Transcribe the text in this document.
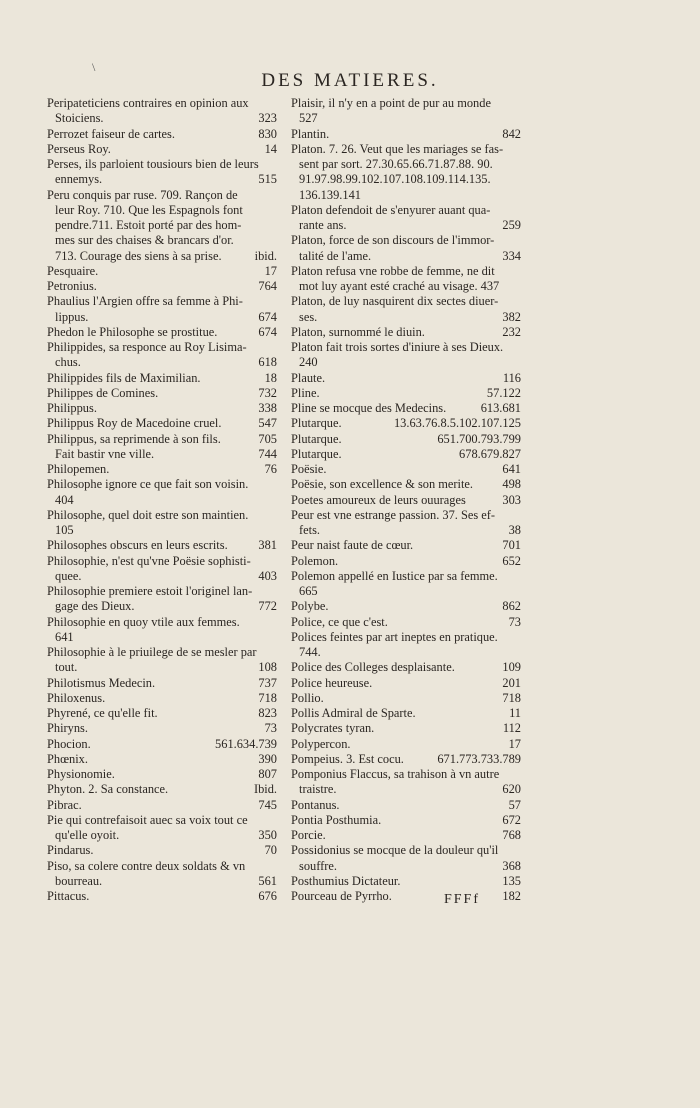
\
DES MATIERES.
Peripateticiens contraires en opinion aux
Stoiciens.	323
Perrozet faiseur de cartes.	830
Perseus Roy.	14
Perses, ils parloient tousiours bien de leurs
ennemys.	515
Peru conquis par ruse. 709. Rançon de
leur Roy. 710. Que les Espagnols font
pendre.711. Estoit porté par des hom-
mes sur des chaises & brancars d'or.
713. Courage des siens à sa prise.	ibid.
Pesquaire.	17
Petronius.	764
Phaulius l'Argien offre sa femme à Phi-
lippus.	674
Phedon le Philosophe se prostitue.	674
Philippides, sa responce au Roy Lisima-
chus.	618
Philippides fils de Maximilian.	18
Philippes de Comines.	732
Philippus.	338
Philippus Roy de Macedoine cruel.	547
Philippus, sa reprimende à son fils.	705
Fait bastir vne ville.	744
Philopemen.	76
Philosophe ignore ce que fait son voisin.
404
Philosophe, quel doit estre son maintien.
105
Philosophes obscurs en leurs escrits.	381
Philosophie, n'est qu'vne Poësie sophisti-
quee.	403
Philosophie premiere estoit l'originel lan-
gage des Dieux.	772
Philosophie en quoy vtile aux femmes.
641
Philosophie à le priuilege de se mesler par
tout.	108
Philotismus Medecin.	737
Philoxenus.	718
Phyrené, ce qu'elle fit.	823
Phiryns.	73
Phocion.	561.634.739
Phœnix.	390
Physionomie.	807
Phyton. 2. Sa constance.	Ibid.
Pibrac.	745
Pie qui contrefaisoit auec sa voix tout ce
qu'elle oyoit.	350
Pindarus.	70
Piso, sa colere contre deux soldats & vn
bourreau.	561
Pittacus.	676
Plaisir, il n'y en a point de pur au monde
527
Plantin.	842
Platon. 7. 26. Veut que les mariages se fas-
sent par sort. 27.30.65.66.71.87.88. 90.
91.97.98.99.102.107.108.109.114.135.
136.139.141
Platon defendoit de s'enyurer auant qua-
rante ans.	259
Platon, force de son discours de l'immor-
talité de l'ame.	334
Platon refusa vne robbe de femme, ne dit
mot luy ayant esté craché au visage. 437
Platon, de luy nasquirent dix sectes diuer-
ses.	382
Platon, surnommé le diuin.	232
Platon fait trois sortes d'iniure à ses Dieux.
240
Plaute.	116
Pline.	57.122
Pline se mocque des Medecins.	613.681
Plutarque.	13.63.76.8.5.102.107.125
Plutarque.	651.700.793.799
Plutarque.	678.679.827
Poësie.	641
Poësie, son excellence & son merite.	498
Poetes amoureux de leurs ouurages	303
Peur est vne estrange passion. 37. Ses ef-
fets.	38
Peur naist faute de cœur.	701
Polemon.	652
Polemon appellé en Iustice par sa femme.
665
Polybe.	862
Police, ce que c'est.	73
Polices feintes par art ineptes en pratique.
744.
Police des Colleges desplaisante.	109
Police heureuse.	201
Pollio.	718
Pollis Admiral de Sparte.	11
Polycrates tyran.	112
Polypercon.	17
Pompeius. 3. Est cocu.	671.773.733.789
Pomponius Flaccus, sa trahison à vn autre
traistre.	620
Pontanus.	57
Pontia Posthumia.	672
Porcie.	768
Possidonius se mocque de la douleur qu'il
souffre.	368
Posthumius Dictateur.	135
Pourceau de Pyrrho.	182
FFFf
